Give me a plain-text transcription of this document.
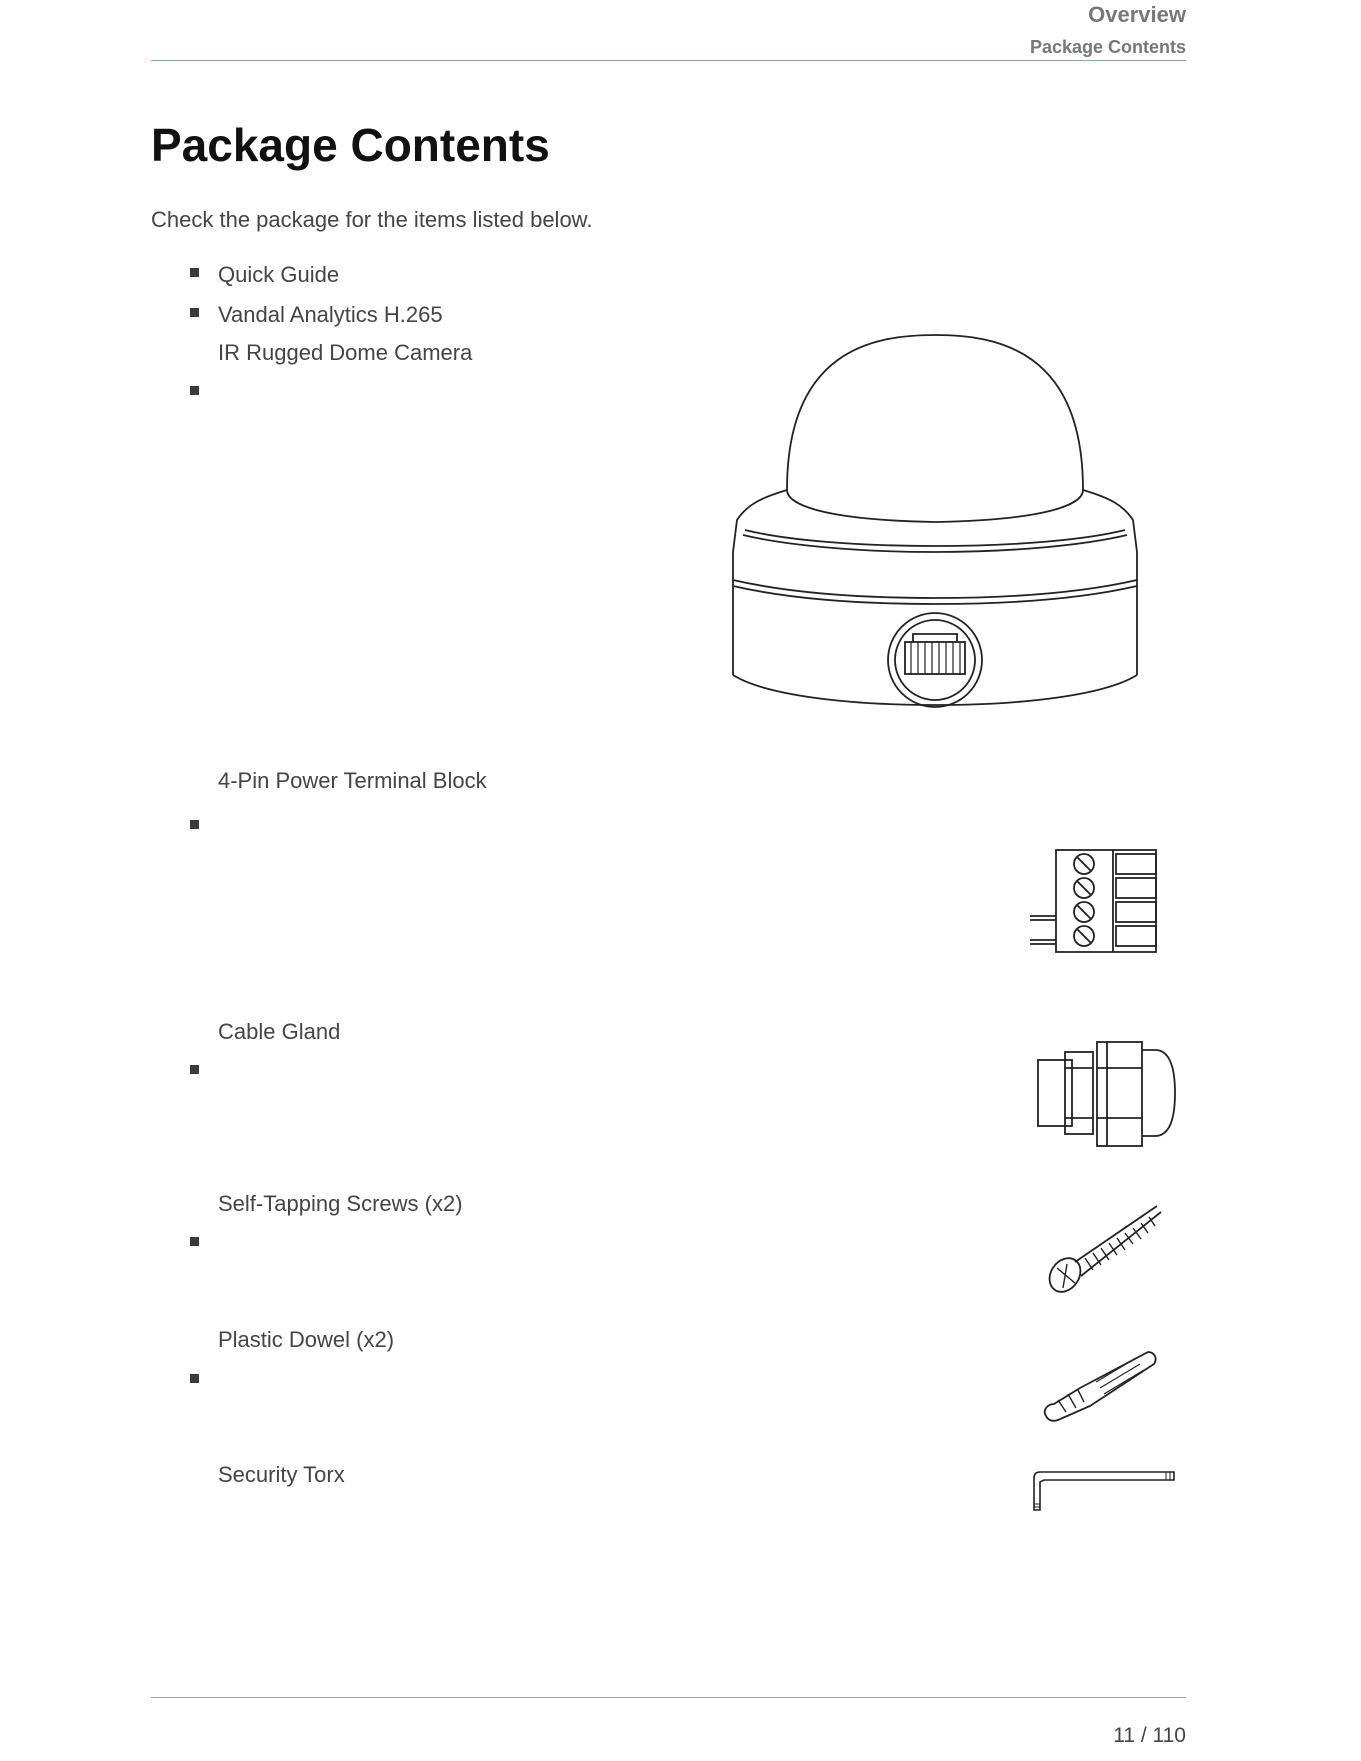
Overview
Package Contents
Package Contents
Check the package for the items listed below.
Quick Guide
Vandal Analytics H.265
IR Rugged Dome Camera
4-Pin Power Terminal Block
Cable Gland
Self-Tapping Screws (x2)
Plastic Dowel (x2)
Security Torx
11 / 110
